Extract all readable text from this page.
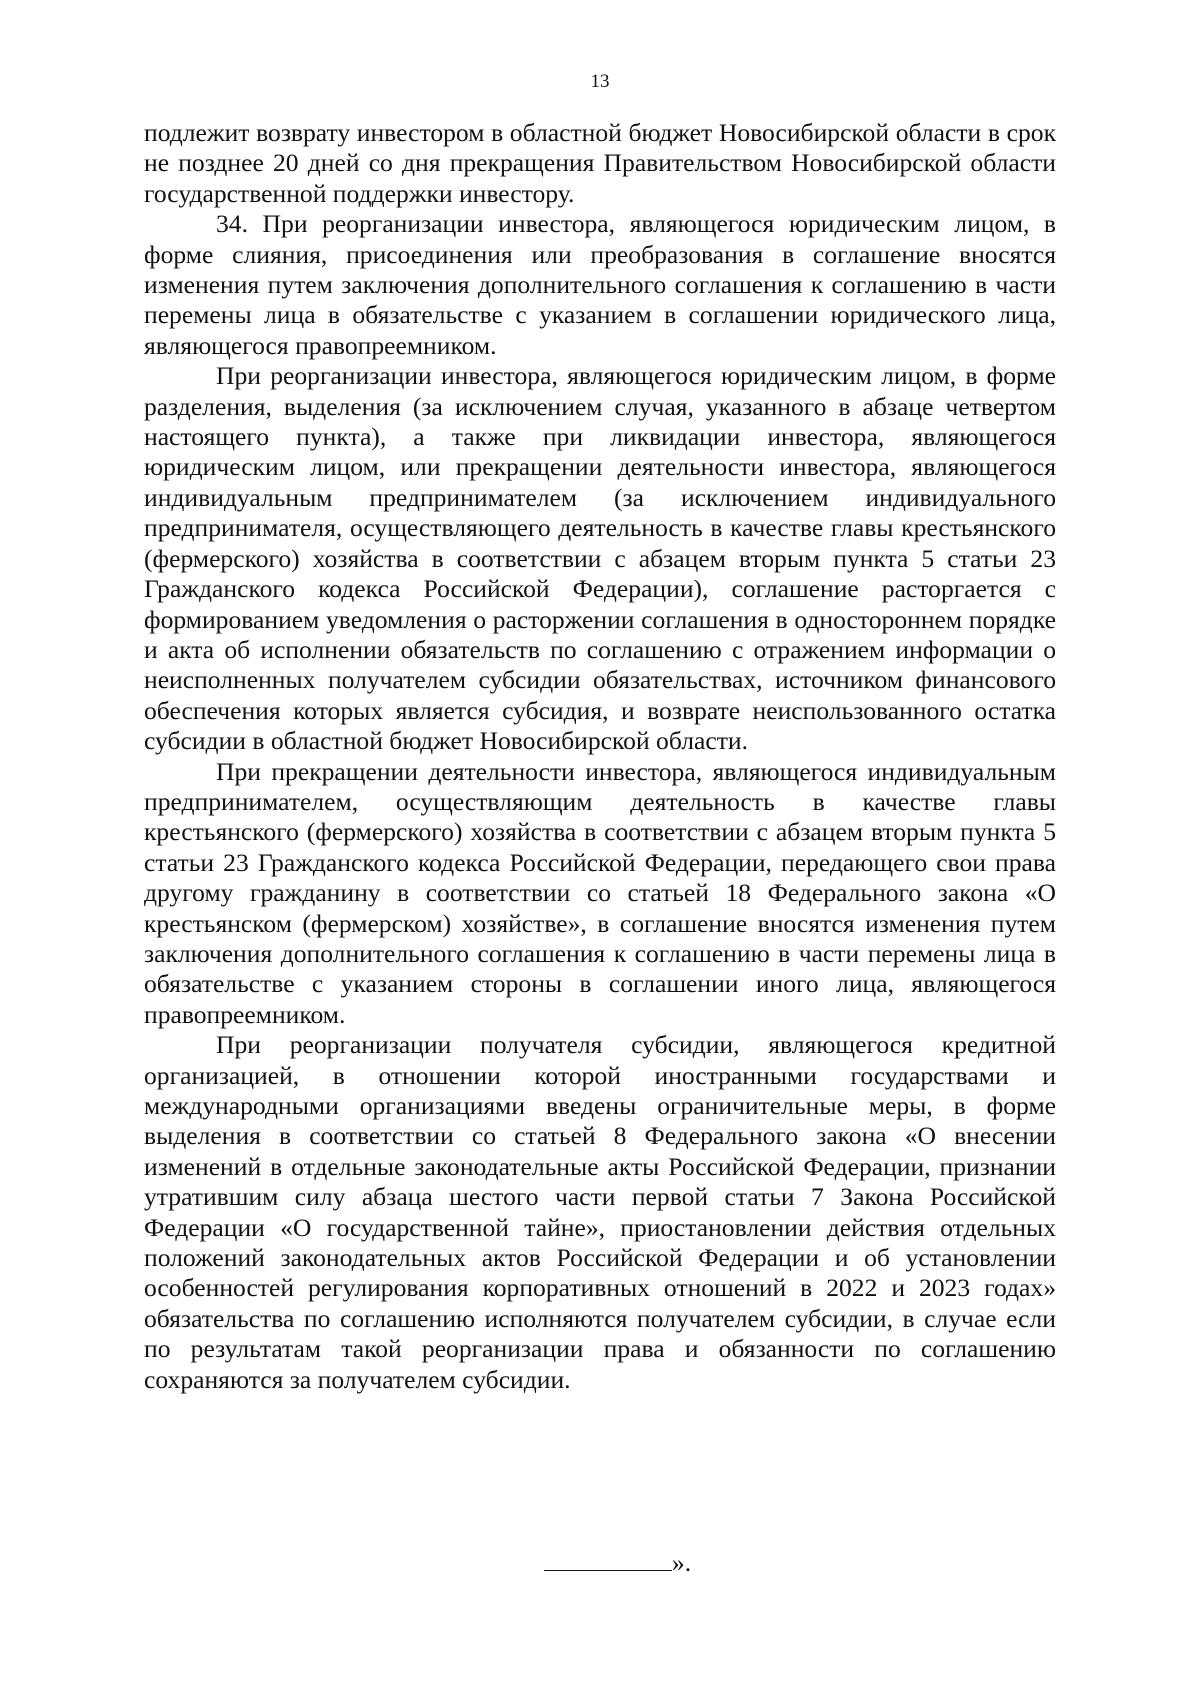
13

подлежит возврату инвестором в областной бюджет Новосибирской области в срок не позднее 20 дней со дня прекращения Правительством Новосибирской области государственной поддержки инвестору.

34. При реорганизации инвестора, являющегося юридическим лицом, в форме слияния, присоединения или преобразования в соглашение вносятся изменения путем заключения дополнительного соглашения к соглашению в части перемены лица в обязательстве с указанием в соглашении юридического лица, являющегося правопреемником.

При реорганизации инвестора, являющегося юридическим лицом, в форме разделения, выделения (за исключением случая, указанного в абзаце четвертом настоящего пункта), а также при ликвидации инвестора, являющегося юридическим лицом, или прекращении деятельности инвестора, являющегося индивидуальным предпринимателем (за исключением индивидуального предпринимателя, осуществляющего деятельность в качестве главы крестьянского (фермерского) хозяйства в соответствии с абзацем вторым пункта 5 статьи 23 Гражданского кодекса Российской Федерации), соглашение расторгается с формированием уведомления о расторжении соглашения в одностороннем порядке и акта об исполнении обязательств по соглашению с отражением информации о неисполненных получателем субсидии обязательствах, источником финансового обеспечения которых является субсидия, и возврате неиспользованного остатка субсидии в областной бюджет Новосибирской области.

При прекращении деятельности инвестора, являющегося индивидуальным предпринимателем, осуществляющим деятельность в качестве главы крестьянского (фермерского) хозяйства в соответствии с абзацем вторым пункта 5 статьи 23 Гражданского кодекса Российской Федерации, передающего свои права другому гражданину в соответствии со статьей 18 Федерального закона «О крестьянском (фермерском) хозяйстве», в соглашение вносятся изменения путем заключения дополнительного соглашения к соглашению в части перемены лица в обязательстве с указанием стороны в соглашении иного лица, являющегося правопреемником.

При реорганизации получателя субсидии, являющегося кредитной организацией, в отношении которой иностранными государствами и международными организациями введены ограничительные меры, в форме выделения в соответствии со статьей 8 Федерального закона «О внесении изменений в отдельные законодательные акты Российской Федерации, признании утратившим силу абзаца шестого части первой статьи 7 Закона Российской Федерации «О государственной тайне», приостановлении действия отдельных положений законодательных актов Российской Федерации и об установлении особенностей регулирования корпоративных отношений в 2022 и 2023 годах» обязательства по соглашению исполняются получателем субсидии, в случае если по результатам такой реорганизации права и обязанности по соглашению сохраняются за получателем субсидии.

».
